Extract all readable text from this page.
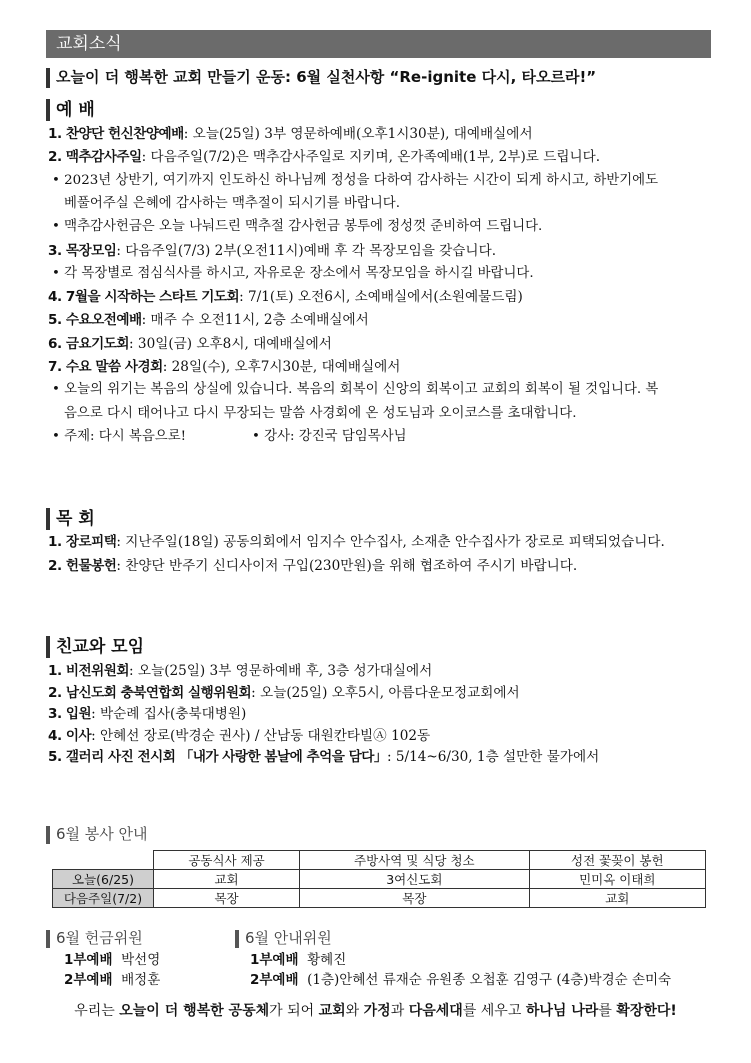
교회소식
오늘이 더 행복한 교회 만들기 운동: 6월 실천사항 “Re-ignite 다시, 타오르라!”
예 배
1. 찬양단 헌신찬양예배: 오늘(25일) 3부 영문하예배(오후1시30분), 대예배실에서
2. 맥추감사주일: 다음주일(7/2)은 맥추감사주일로 지키며, 온가족예배(1부, 2부)로 드립니다.
• 2023년 상반기, 여기까지 인도하신 하나님께 정성을 다하여 감사하는 시간이 되게 하시고, 하반기에도
베풀어주실 은혜에 감사하는 맥추절이 되시기를 바랍니다.
• 맥추감사헌금은 오늘 나눠드린 맥추절 감사헌금 봉투에 정성껏 준비하여 드립니다.
3. 목장모임: 다음주일(7/3) 2부(오전11시)예배 후 각 목장모임을 갖습니다.
• 각 목장별로 점심식사를 하시고, 자유로운 장소에서 목장모임을 하시길 바랍니다.
4. 7월을 시작하는 스타트 기도회: 7/1(토) 오전6시, 소예배실에서(소원예물드림)
5. 수요오전예배: 매주 수 오전11시, 2층 소예배실에서
6. 금요기도회: 30일(금) 오후8시, 대예배실에서
7. 수요 말씀 사경회: 28일(수), 오후7시30분, 대예배실에서
• 오늘의 위기는 복음의 상실에 있습니다. 복음의 회복이 신앙의 회복이고 교회의 회복이 될 것입니다. 복
음으로 다시 태어나고 다시 무장되는 말씀 사경회에 온 성도님과 오이코스를 초대합니다.
• 주제: 다시 복음으로!	• 강사: 강진국 담임목사님
목 회
1. 장로피택: 지난주일(18일) 공동의회에서 임지수 안수집사, 소재춘 안수집사가 장로로 피택되었습니다.
2. 헌물봉헌: 찬양단 반주기 신디사이저 구입(230만원)을 위해 협조하여 주시기 바랍니다.
친교와 모임
1. 비전위원회: 오늘(25일) 3부 영문하예배 후, 3층 성가대실에서
2. 남신도회 충북연합회 실행위원회: 오늘(25일) 오후5시, 아름다운모정교회에서
3. 입원: 박순례 집사(충북대병원)
4. 이사: 안혜선 장로(박경순 권사) / 산남동 대원칸타빌Ⓐ 102동
5. 갤러리 사진 전시회 「내가 사랑한 봄날에 추억을 담다」: 5/14~6/30, 1층 설만한 물가에서
6월 봉사 안내
	공동식사 제공	주방사역 및 식당 청소	성전 꽃꽂이 봉헌
오늘(6/25)	교회	3여신도회	민미옥 이태희
다음주일(7/2)	목장	목장	교회
6월 헌금위원
1부예배 박선영
2부예배 배정훈
6월 안내위원
1부예배 황혜진
2부예배 (1층)안혜선 류재순 유원종 오첩훈 김영구 (4층)박경순 손미숙
우리는 오늘이 더 행복한 공동체가 되어 교회와 가정과 다음세대를 세우고 하나님 나라를 확장한다!
